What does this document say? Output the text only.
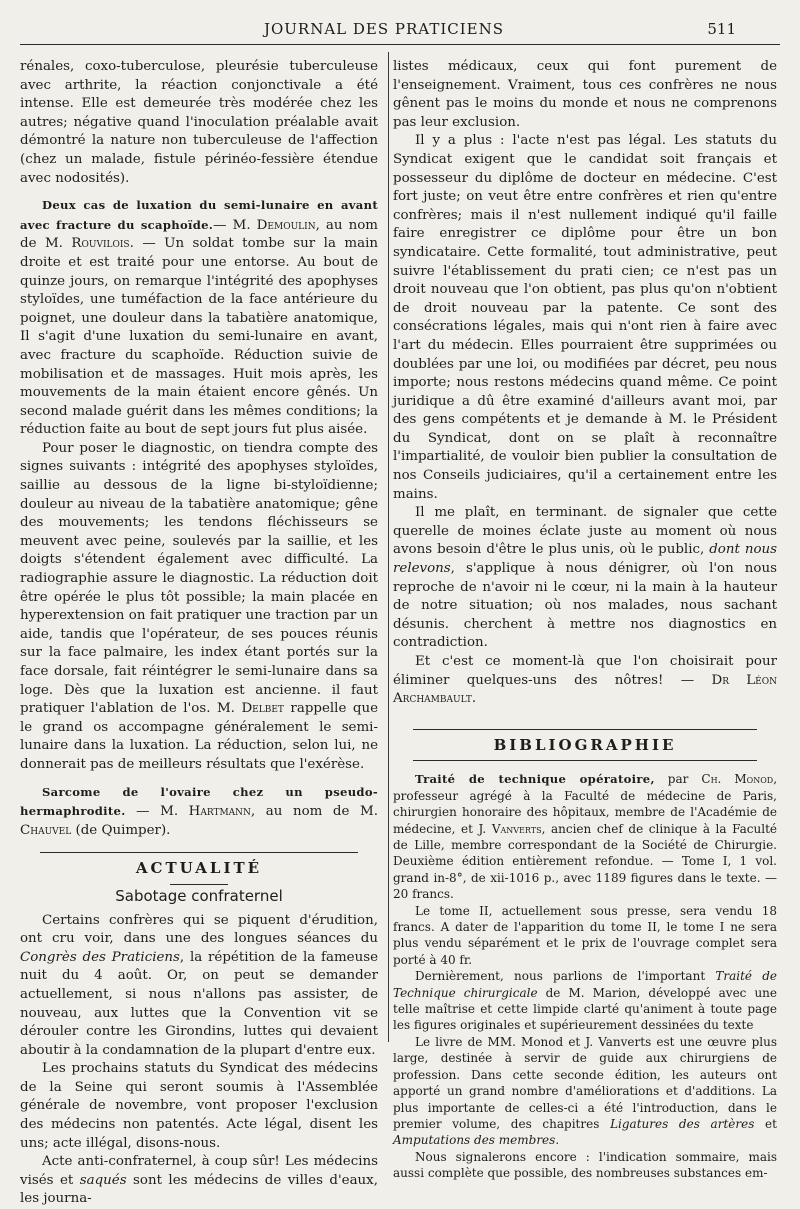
JOURNAL DES PRATICIENS	511

rénales, coxo-tuberculose, pleurésie tuberculeuse avec arthrite, la réaction conjonctivale a été intense. Elle est demeurée très modérée chez les autres; négative quand l'inoculation préalable avait démontré la nature non tuberculeuse de l'affection (chez un malade, fistule périnéo-fessière étendue avec nodosités).

Deux cas de luxation du semi-lunaire en avant avec fracture du scaphoïde.— M. Demoulin, au nom de M. Rouvilois. — Un soldat tombe sur la main droite et est traité pour une entorse. Au bout de quinze jours, on remarque l'intégrité des apophyses styloïdes, une tuméfaction de la face antérieure du poignet, une douleur dans la tabatière anatomique, Il s'agit d'une luxation du semi-lunaire en avant, avec fracture du scaphoïde. Réduction suivie de mobilisation et de massages. Huit mois après, les mouvements de la main étaient encore gênés. Un second malade guérit dans les mêmes conditions; la réduction faite au bout de sept jours fut plus aisée.

Pour poser le diagnostic, on tiendra compte des signes suivants : intégrité des apophyses styloïdes, saillie au dessous de la ligne bi-styloïdienne; douleur au niveau de la tabatière anatomique; gêne des mouvements; les tendons fléchisseurs se meuvent avec peine, soulevés par la saillie, et les doigts s'étendent également avec difficulté. La radiographie assure le diagnostic. La réduction doit être opérée le plus tôt possible; la main placée en hyperextension on fait pratiquer une traction par un aide, tandis que l'opérateur, de ses pouces réunis sur la face palmaire, les index étant portés sur la face dorsale, fait réintégrer le semi-lunaire dans sa loge. Dès que la luxation est ancienne. il faut pratiquer l'ablation de l'os. M. Delbet rappelle que le grand os accompagne généralement le semi-lunaire dans la luxation. La réduction, selon lui, ne donnerait pas de meilleurs résultats que l'exérèse.

Sarcome de l'ovaire chez un pseudo-hermaphrodite. — M. Hartmann, au nom de M. Chauvel (de Quimper).

ACTUALITÉ

Sabotage confraternel

Certains confrères qui se piquent d'érudition, ont cru voir, dans une des longues séances du Congrès des Praticiens, la répétition de la fameuse nuit du 4 août. Or, on peut se demander actuellement, si nous n'allons pas assister, de nouveau, aux luttes que la Convention vit se dérouler contre les Girondins, luttes qui devaient aboutir à la condamnation de la plupart d'entre eux.

Les prochains statuts du Syndicat des médecins de la Seine qui seront soumis à l'Assemblée générale de novembre, vont proposer l'exclusion des médecins non patentés. Acte légal, disent les uns; acte illégal, disons-nous.

Acte anti-confraternel, à coup sûr! Les médecins visés et saqués sont les médecins de villes d'eaux, les journa-

listes médicaux, ceux qui font purement de l'enseignement. Vraiment, tous ces confrères ne nous gênent pas le moins du monde et nous ne comprenons pas leur exclusion.

Il y a plus : l'acte n'est pas légal. Les statuts du Syndicat exigent que le candidat soit français et possesseur du diplôme de docteur en médecine. C'est fort juste; on veut être entre confrères et rien qu'entre confrères; mais il n'est nullement indiqué qu'il faille faire enregistrer ce diplôme pour être un bon syndicataire. Cette formalité, tout administrative, peut suivre l'établissement du prati cien; ce n'est pas un droit nouveau que l'on obtient, pas plus qu'on n'obtient de droit nouveau par la patente. Ce sont des consécrations légales, mais qui n'ont rien à faire avec l'art du médecin. Elles pourraient être supprimées ou doublées par une loi, ou modifiées par décret, peu nous importe; nous restons médecins quand même. Ce point juridique a dû être examiné d'ailleurs avant moi, par des gens compétents et je demande à M. le Président du Syndicat, dont on se plaît à reconnaître l'impartialité, de vouloir bien publier la consultation de nos Conseils judiciaires, qu'il a certainement entre les mains.

Il me plaît, en terminant. de signaler que cette querelle de moines éclate juste au moment où nous avons besoin d'être le plus unis, où le public, dont nous relevons, s'applique à nous dénigrer, où l'on nous reproche de n'avoir ni le cœur, ni la main à la hauteur de notre situation; où nos malades, nous sachant désunis. cherchent à mettre nos diagnostics en contradiction.

Et c'est ce moment-là que l'on choisirait pour éliminer quelques-uns des nôtres! — Dr Léon Archambault.

BIBLIOGRAPHIE

Traité de technique opératoire, par Ch. Monod, professeur agrégé à la Faculté de médecine de Paris, chirurgien honoraire des hôpitaux, membre de l'Académie de médecine, et J. Vanverts, ancien chef de clinique à la Faculté de Lille, membre correspondant de la Société de Chirurgie. Deuxième édition entièrement refondue. — Tome I, 1 vol. grand in-8°, de xii-1016 p., avec 1189 figures dans le texte. — 20 francs.

Le tome II, actuellement sous presse, sera vendu 18 francs. A dater de l'apparition du tome II, le tome I ne sera plus vendu séparément et le prix de l'ouvrage complet sera porté à 40 fr.

Dernièrement, nous parlions de l'important Traité de Technique chirurgicale de M. Marion, développé avec une telle maîtrise et cette limpide clarté qu'animent à toute page les figures originales et supérieurement dessinées du texte

Le livre de MM. Monod et J. Vanverts est une œuvre plus large, destinée à servir de guide aux chirurgiens de profession. Dans cette seconde édition, les auteurs ont apporté un grand nombre d'améliorations et d'additions. La plus importante de celles-ci a été l'introduction, dans le premier volume, des chapitres Ligatures des artères et Amputations des membres.

Nous signalerons encore : l'indication sommaire, mais aussi complète que possible, des nombreuses substances em-
